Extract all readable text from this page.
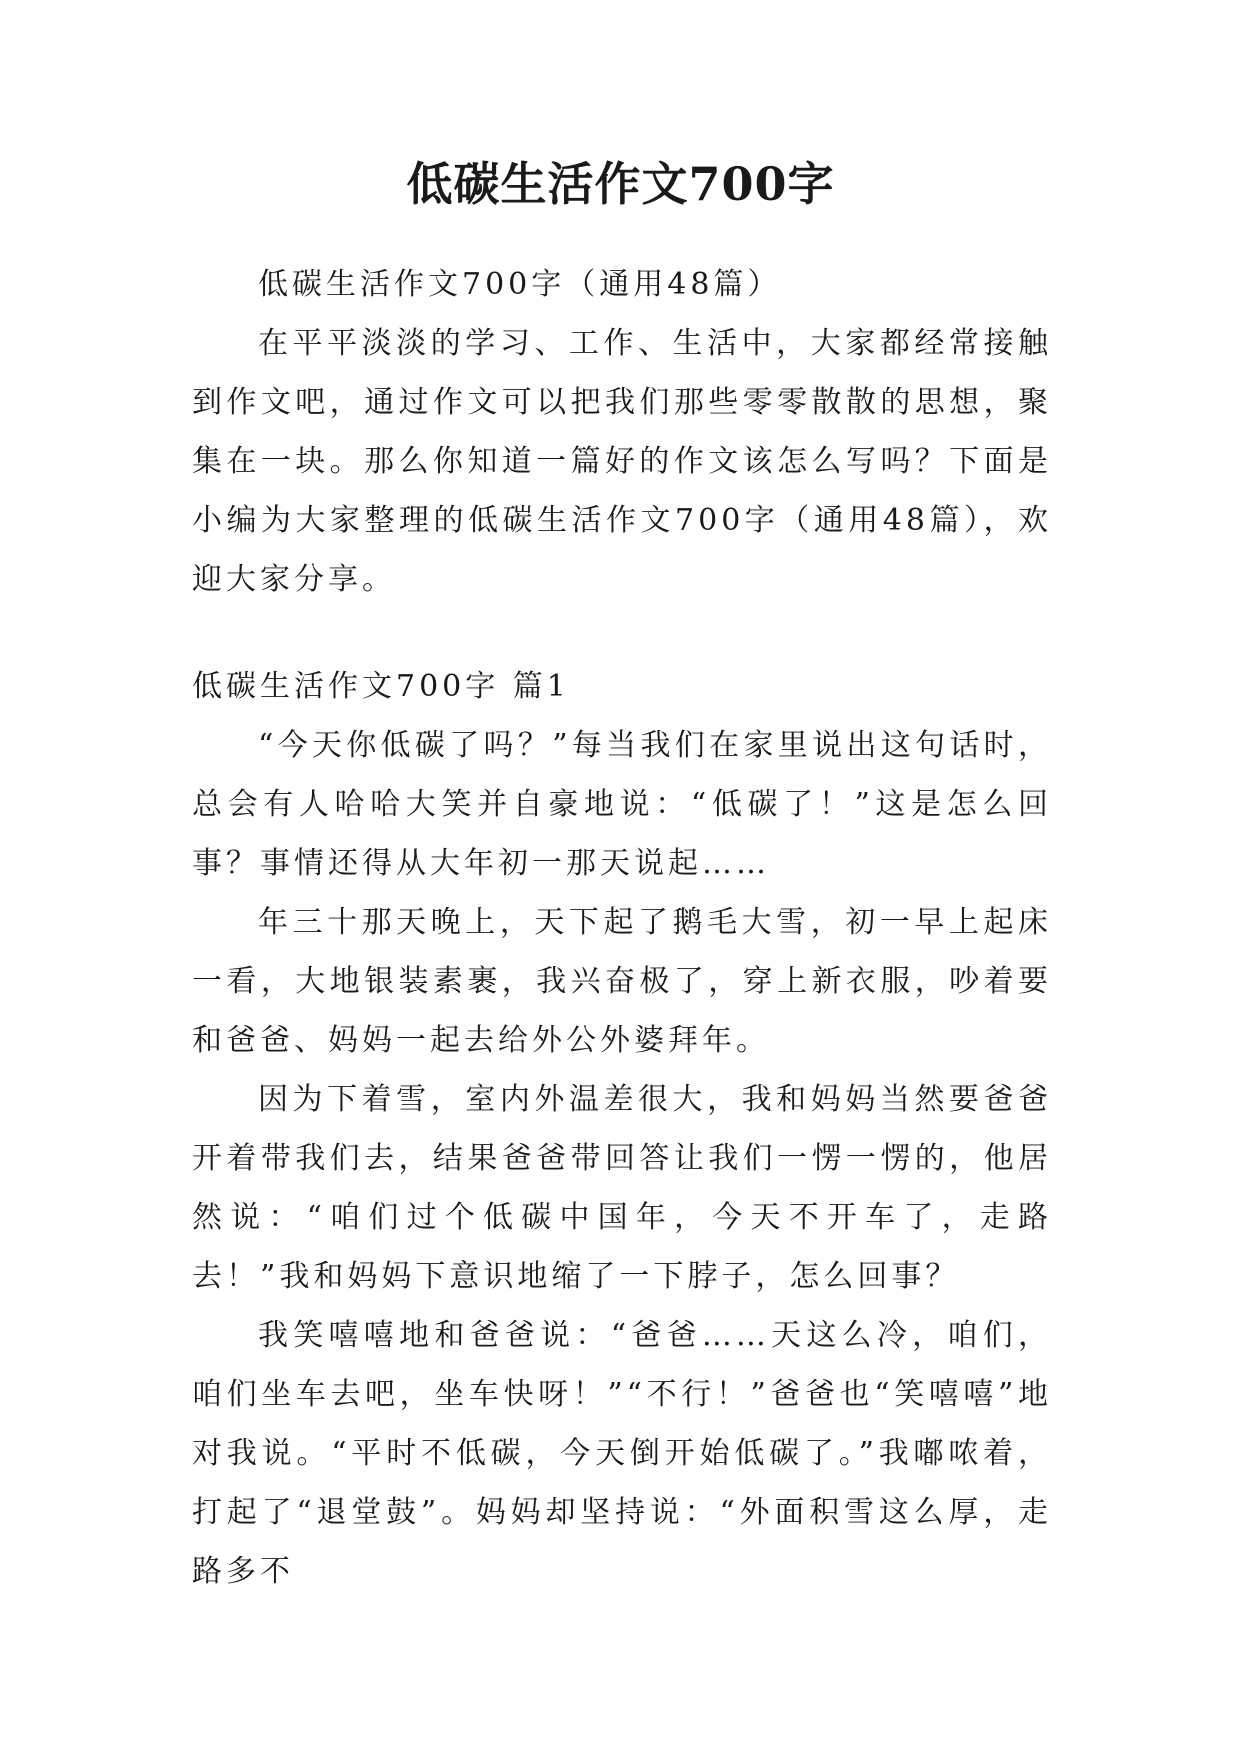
低碳生活作文700字

低碳生活作文700字（通用48篇）

在平平淡淡的学习、工作、生活中，大家都经常接触到作文吧，通过作文可以把我们那些零零散散的思想，聚集在一块。那么你知道一篇好的作文该怎么写吗？下面是小编为大家整理的低碳生活作文700字（通用48篇），欢迎大家分享。

低碳生活作文700字 篇1

“今天你低碳了吗？”每当我们在家里说出这句话时，总会有人哈哈大笑并自豪地说：“低碳了！”这是怎么回事？事情还得从大年初一那天说起……

年三十那天晚上，天下起了鹅毛大雪，初一早上起床一看，大地银装素裹，我兴奋极了，穿上新衣服，吵着要和爸爸、妈妈一起去给外公外婆拜年。

因为下着雪，室内外温差很大，我和妈妈当然要爸爸开着带我们去，结果爸爸带回答让我们一愣一愣的，他居然说：“咱们过个低碳中国年，今天不开车了，走路去！”我和妈妈下意识地缩了一下脖子，怎么回事？

我笑嘻嘻地和爸爸说：“爸爸……天这么冷，咱们，咱们坐车去吧，坐车快呀！”“不行！”爸爸也“笑嘻嘻”地对我说。“平时不低碳，今天倒开始低碳了。”我嘟哝着，打起了“退堂鼓”。妈妈却坚持说：“外面积雪这么厚，走路多不
